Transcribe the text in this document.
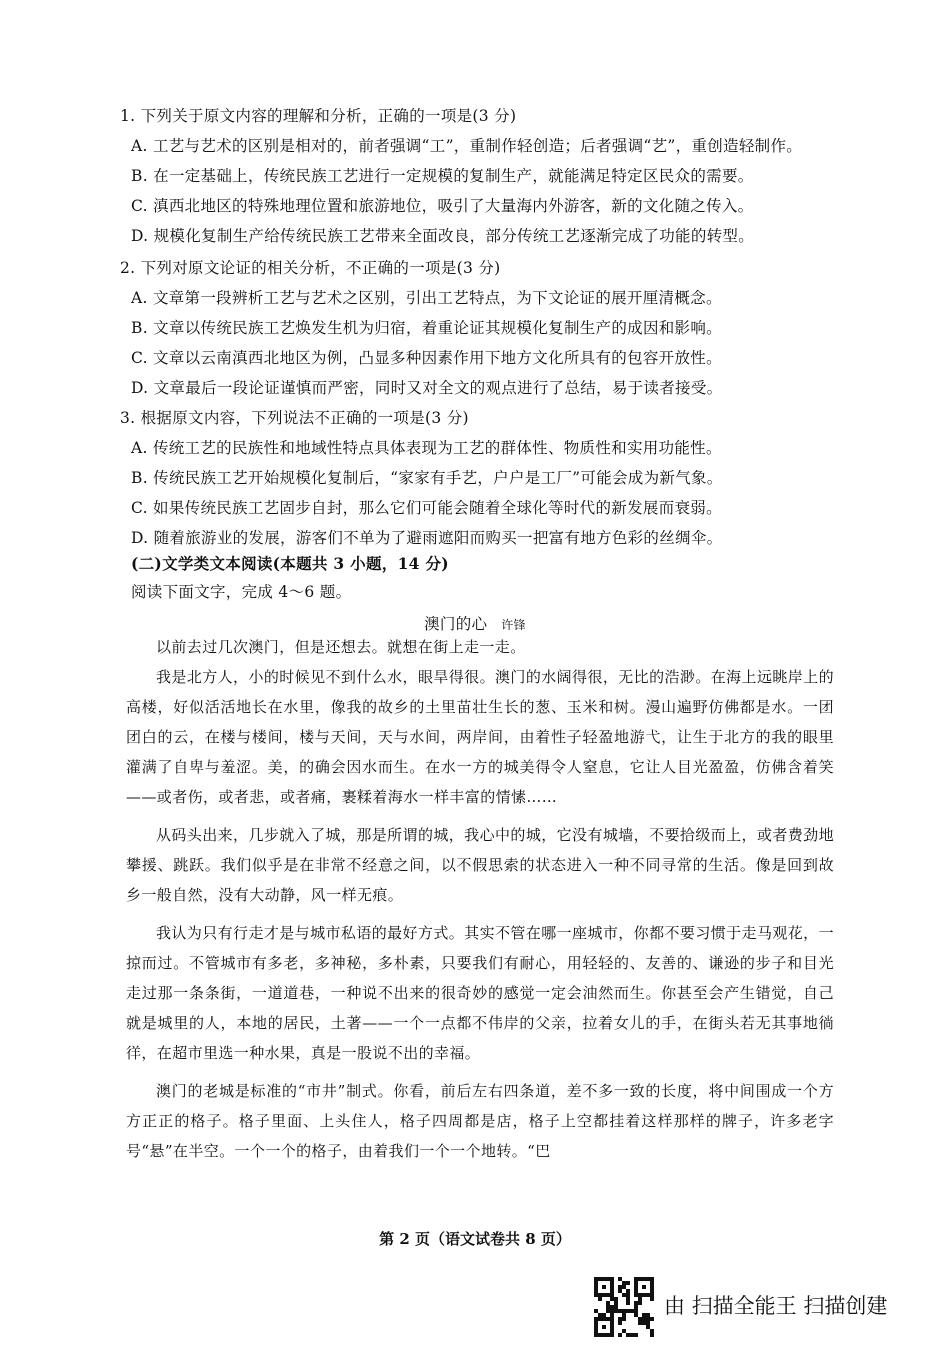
1. 下列关于原文内容的理解和分析，正确的一项是(3 分)
A. 工艺与艺术的区别是相对的，前者强调“工”，重制作轻创造；后者强调“艺”，重创造轻制作。
B. 在一定基础上，传统民族工艺进行一定规模的复制生产，就能满足特定区民众的需要。
C. 滇西北地区的特殊地理位置和旅游地位，吸引了大量海内外游客，新的文化随之传入。
D. 规模化复制生产给传统民族工艺带来全面改良，部分传统工艺逐渐完成了功能的转型。
2. 下列对原文论证的相关分析，不正确的一项是(3 分)
A. 文章第一段辨析工艺与艺术之区别，引出工艺特点，为下文论证的展开厘清概念。
B. 文章以传统民族工艺焕发生机为归宿，着重论证其规模化复制生产的成因和影响。
C. 文章以云南滇西北地区为例，凸显多种因素作用下地方文化所具有的包容开放性。
D. 文章最后一段论证谨慎而严密，同时又对全文的观点进行了总结，易于读者接受。
3. 根据原文内容，下列说法不正确的一项是(3 分)
A. 传统工艺的民族性和地域性特点具体表现为工艺的群体性、物质性和实用功能性。
B. 传统民族工艺开始规模化复制后，“家家有手艺，户户是工厂”可能会成为新气象。
C. 如果传统民族工艺固步自封，那么它们可能会随着全球化等时代的新发展而衰弱。
D. 随着旅游业的发展，游客们不单为了避雨遮阳而购买一把富有地方色彩的丝绸伞。
(二)文学类文本阅读(本题共 3 小题，14 分)
阅读下面文字，完成 4～6 题。
澳门的心 许锋

以前去过几次澳门，但是还想去。就想在街上走一走。

我是北方人，小的时候见不到什么水，眼旱得很。澳门的水阔得很，无比的浩渺。在海上远眺岸上的高楼，好似活活地长在水里，像我的故乡的土里苗壮生长的葱、玉米和树。漫山遍野仿佛都是水。一团团白的云，在楼与楼间，楼与天间，天与水间，两岸间，由着性子轻盈地游弋，让生于北方的我的眼里灌满了自卑与羞涩。美，的确会因水而生。在水一方的城美得令人窒息，它让人目光盈盈，仿佛含着笑——或者伤，或者悲，或者痛，裹糅着海水一样丰富的情愫……

从码头出来，几步就入了城，那是所谓的城，我心中的城，它没有城墙，不要拾级而上，或者费劲地攀援、跳跃。我们似乎是在非常不经意之间，以不假思索的状态进入一种不同寻常的生活。像是回到故乡一般自然，没有大动静，风一样无痕。

我认为只有行走才是与城市私语的最好方式。其实不管在哪一座城市，你都不要习惯于走马观花，一掠而过。不管城市有多老，多神秘，多朴素，只要我们有耐心，用轻轻的、友善的、谦逊的步子和目光走过那一条条街，一道道巷，一种说不出来的很奇妙的感觉一定会油然而生。你甚至会产生错觉，自己就是城里的人，本地的居民，土著——一个一点都不伟岸的父亲，拉着女儿的手，在街头若无其事地徜徉，在超市里选一种水果，真是一股说不出的幸福。

澳门的老城是标准的“市井”制式。你看，前后左右四条道，差不多一致的长度，将中间围成一个方方正正的格子。格子里面、上头住人，格子四周都是店，格子上空都挂着这样那样的牌子，许多老字号“悬”在半空。一个一个的格子，由着我们一个一个地转。“巴

第 2 页（语文试卷共 8 页）
由 扫描全能王 扫描创建
